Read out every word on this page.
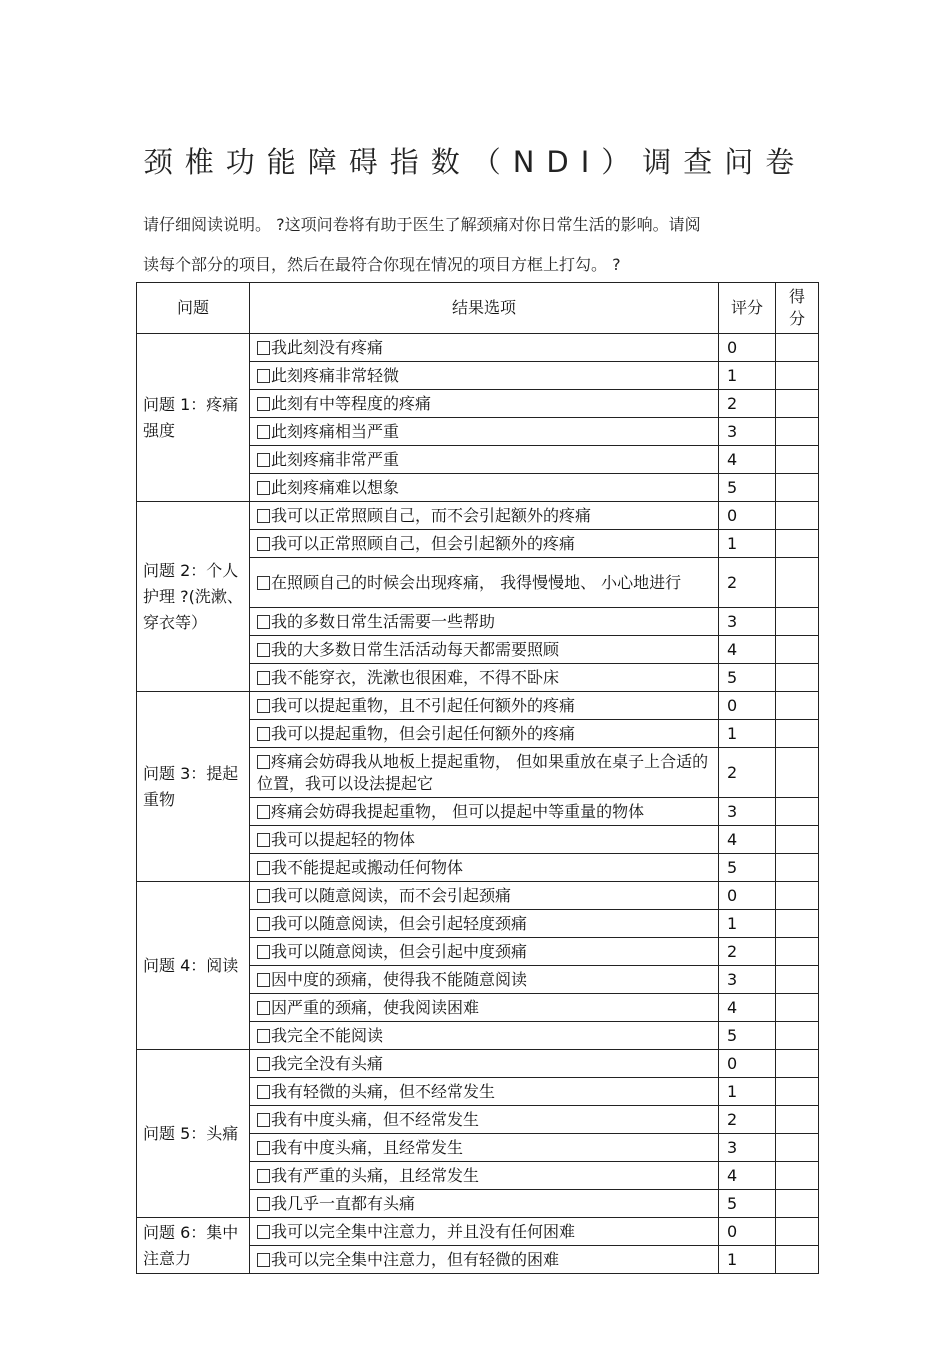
颈椎功能障碍指数（NDI）调查问卷
请仔细阅读说明。 ?这项问卷将有助于医生了解颈痛对你日常生活的影响。请阅
读每个部分的项目，然后在最符合你现在情况的项目方框上打勾。 ?
问题	结果选项	评分	得分
问题 1：疼痛强度	我此刻没有疼痛	0	
	此刻疼痛非常轻微	1	
	此刻有中等程度的疼痛	2	
	此刻疼痛相当严重	3	
	此刻疼痛非常严重	4	
	此刻疼痛难以想象	5	
问题 2：个人护理 ?(洗漱、穿衣等）	我可以正常照顾自己，而不会引起额外的疼痛	0	
	我可以正常照顾自己，但会引起额外的疼痛	1	
	在照顾自己的时候会出现疼痛， 我得慢慢地、 小心地进行	2	
	我的多数日常生活需要一些帮助	3	
	我的大多数日常生活活动每天都需要照顾	4	
	我不能穿衣，洗漱也很困难，不得不卧床	5	
问题 3：提起重物	我可以提起重物，且不引起任何额外的疼痛	0	
	我可以提起重物，但会引起任何额外的疼痛	1	
	疼痛会妨碍我从地板上提起重物， 但如果重放在桌子上合适的位置，我可以设法提起它	2	
	疼痛会妨碍我提起重物， 但可以提起中等重量的物体	3	
	我可以提起轻的物体	4	
	我不能提起或搬动任何物体	5	
问题 4：阅读	我可以随意阅读，而不会引起颈痛	0	
	我可以随意阅读，但会引起轻度颈痛	1	
	我可以随意阅读，但会引起中度颈痛	2	
	因中度的颈痛，使得我不能随意阅读	3	
	因严重的颈痛，使我阅读困难	4	
	我完全不能阅读	5	
问题 5：头痛	我完全没有头痛	0	
	我有轻微的头痛，但不经常发生	1	
	我有中度头痛，但不经常发生	2	
	我有中度头痛，且经常发生	3	
	我有严重的头痛，且经常发生	4	
	我几乎一直都有头痛	5	
问题 6：集中注意力	我可以完全集中注意力，并且没有任何困难	0	
	我可以完全集中注意力，但有轻微的困难	1	
